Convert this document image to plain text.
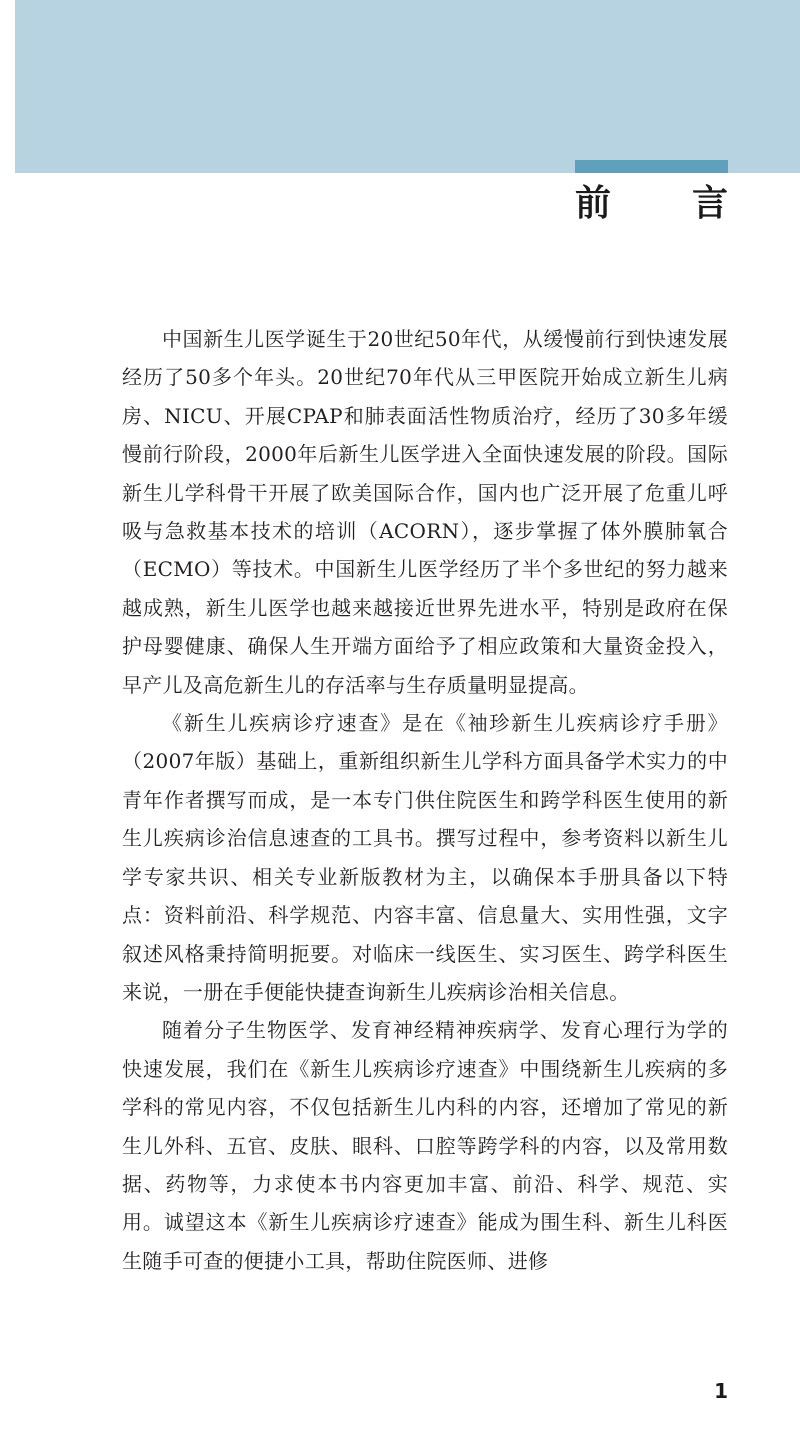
前 言

中国新生儿医学诞生于20世纪50年代，从缓慢前行到快速发展经历了50多个年头。20世纪70年代从三甲医院开始成立新生儿病房、NICU、开展CPAP和肺表面活性物质治疗，经历了30多年缓慢前行阶段，2000年后新生儿医学进入全面快速发展的阶段。国际新生儿学科骨干开展了欧美国际合作，国内也广泛开展了危重儿呼吸与急救基本技术的培训（ACORN），逐步掌握了体外膜肺氧合（ECMO）等技术。中国新生儿医学经历了半个多世纪的努力越来越成熟，新生儿医学也越来越接近世界先进水平，特别是政府在保护母婴健康、确保人生开端方面给予了相应政策和大量资金投入，早产儿及高危新生儿的存活率与生存质量明显提高。

《新生儿疾病诊疗速查》是在《袖珍新生儿疾病诊疗手册》（2007年版）基础上，重新组织新生儿学科方面具备学术实力的中青年作者撰写而成，是一本专门供住院医生和跨学科医生使用的新生儿疾病诊治信息速查的工具书。撰写过程中，参考资料以新生儿学专家共识、相关专业新版教材为主，以确保本手册具备以下特点：资料前沿、科学规范、内容丰富、信息量大、实用性强，文字叙述风格秉持简明扼要。对临床一线医生、实习医生、跨学科医生来说，一册在手便能快捷查询新生儿疾病诊治相关信息。

随着分子生物医学、发育神经精神疾病学、发育心理行为学的快速发展，我们在《新生儿疾病诊疗速查》中围绕新生儿疾病的多学科的常见内容，不仅包括新生儿内科的内容，还增加了常见的新生儿外科、五官、皮肤、眼科、口腔等跨学科的内容，以及常用数据、药物等，力求使本书内容更加丰富、前沿、科学、规范、实用。诚望这本《新生儿疾病诊疗速查》能成为围生科、新生儿科医生随手可查的便捷小工具，帮助住院医师、进修

1
